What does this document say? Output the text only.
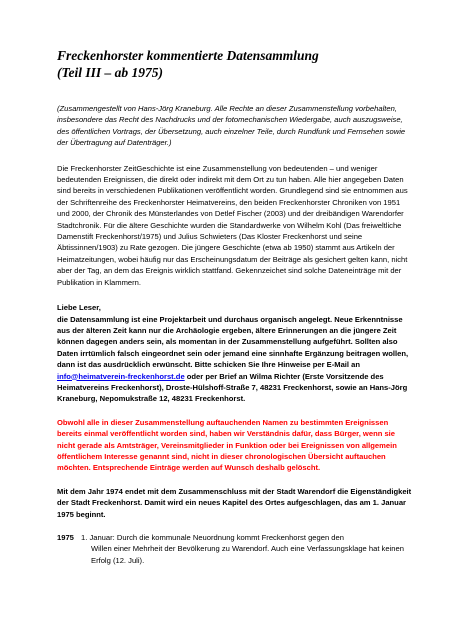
Freckenhorster kommentierte Datensammlung
(Teil III – ab 1975)
(Zusammengestellt von Hans-Jörg Kraneburg. Alle Rechte an dieser Zusammenstellung vorbehalten, insbesondere das Recht des Nachdrucks und der fotomechanischen Wiedergabe, auch auszugsweise, des öffentlichen Vortrags, der Übersetzung, auch einzelner Teile, durch Rundfunk und Fernsehen sowie der Übertragung auf Datenträger.)
Die Freckenhorster ZeitGeschichte ist eine Zusammenstellung von bedeutenden – und weniger bedeutenden Ereignissen, die direkt oder indirekt mit dem Ort zu tun haben. Alle hier angegeben Daten sind bereits in verschiedenen Publikationen veröffentlicht worden. Grundlegend sind sie entnommen aus der Schriftenreihe des Freckenhorster Heimatvereins, den beiden Freckenhorster Chroniken von 1951 und 2000, der Chronik des Münsterlandes von Detlef Fischer (2003) und der dreibändigen Warendorfer Stadtchronik. Für die ältere Geschichte wurden die Standardwerke von Wilhelm Kohl (Das freiweltliche Damenstift Freckenhorst/1975) und Julius Schwieters (Das Kloster Freckenhorst und seine Äbtissinnen/1903) zu Rate gezogen. Die jüngere Geschichte (etwa ab 1950) stammt aus Artikeln der Heimatzeitungen, wobei häufig nur das Erscheinungsdatum der Beiträge als gesichert gelten kann, nicht aber der Tag, an dem das Ereignis wirklich stattfand. Gekennzeichet sind solche Dateneinträge mit der Publikation in Klammern.
Liebe Leser,
die Datensammlung ist eine Projektarbeit und durchaus organisch angelegt. Neue Erkenntnisse aus der älteren Zeit kann nur die Archäologie ergeben, ältere Erinnerungen an die jüngere Zeit können dagegen anders sein, als momentan in der Zusammenstellung aufgeführt. Sollten also Daten irrtümlich falsch eingeordnet sein oder jemand eine sinnhafte Ergänzung beitragen wollen, dann ist das ausdrücklich erwünscht. Bitte schicken Sie Ihre Hinweise per E-Mail an info@heimatverein-freckenhorst.de oder per Brief an Wilma Richter (Erste Vorsitzende des Heimatvereins Freckenhorst), Droste-Hülshoff-Straße 7, 48231 Freckenhorst, sowie an Hans-Jörg Kraneburg, Nepomukstraße 12, 48231 Freckenhorst.
Obwohl alle in dieser Zusammenstellung auftauchenden Namen zu bestimmten Ereignissen bereits einmal veröffentlicht worden sind, haben wir Verständnis dafür, dass Bürger, wenn sie nicht gerade als Amtsträger, Vereinsmitglieder in Funktion oder bei Ereignissen von allgemein öffentlichem Interesse genannt sind, nicht in dieser chronologischen Übersicht auftauchen möchten. Entsprechende Einträge werden auf Wunsch deshalb gelöscht.
Mit dem Jahr 1974 endet mit dem Zusammenschluss mit der Stadt Warendorf die Eigenständigkeit der Stadt Freckenhorst. Damit wird ein neues Kapitel des Ortes aufgeschlagen, das am 1. Januar 1975 beginnt.
1975 1. Januar: Durch die kommunale Neuordnung kommt Freckenhorst gegen den
Willen einer Mehrheit der Bevölkerung zu Warendorf. Auch eine Verfassungsklage hat keinen Erfolg (12. Juli).
